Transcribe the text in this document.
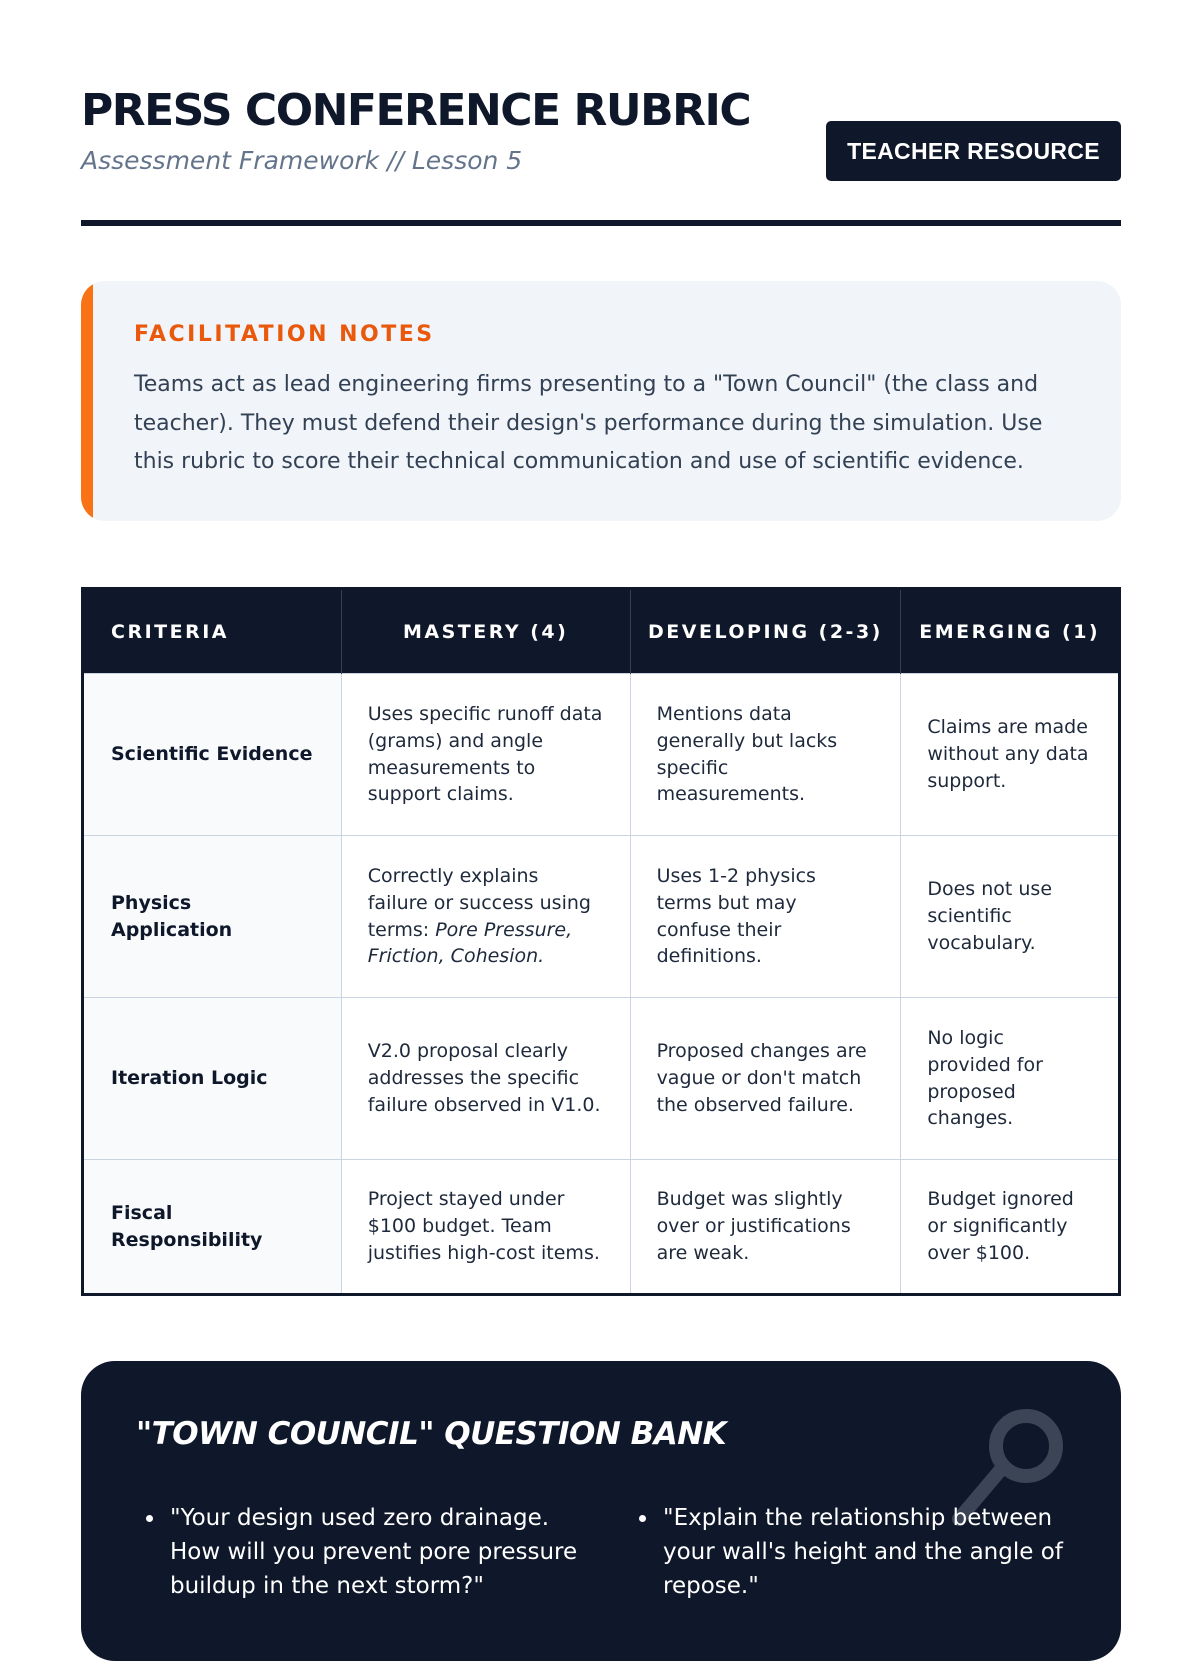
PRESS CONFERENCE RUBRIC
Assessment Framework // Lesson 5	TEACHER RESOURCE
FACILITATION NOTES

Teams act as lead engineering firms presenting to a "Town Council" (the class and teacher). They must defend their design's performance during the simulation. Use this rubric to score their technical communication and use of scientific evidence.

CRITERIA	MASTERY (4)	DEVELOPING (2-3)	EMERGING (1)
Scientific Evidence	Uses specific runoff data (grams) and angle measurements to support claims.	Mentions data generally but lacks specific measurements.	Claims are made without any data support.
Physics Application	Correctly explains failure or success using terms: Pore Pressure, Friction, Cohesion.	Uses 1-2 physics terms but may confuse their definitions.	Does not use scientific vocabulary.
Iteration Logic	V2.0 proposal clearly addresses the specific failure observed in V1.0.	Proposed changes are vague or don't match the observed failure.	No logic provided for proposed changes.
Fiscal Responsibility	Project stayed under $100 budget. Team justifies high-cost items.	Budget was slightly over or justifications are weak.	Budget ignored or significantly over $100.
"TOWN COUNCIL" QUESTION BANK
• "Your design used zero drainage. How will you prevent pore pressure buildup in the next storm?"
• "Explain the relationship between your wall's height and the angle of repose."
